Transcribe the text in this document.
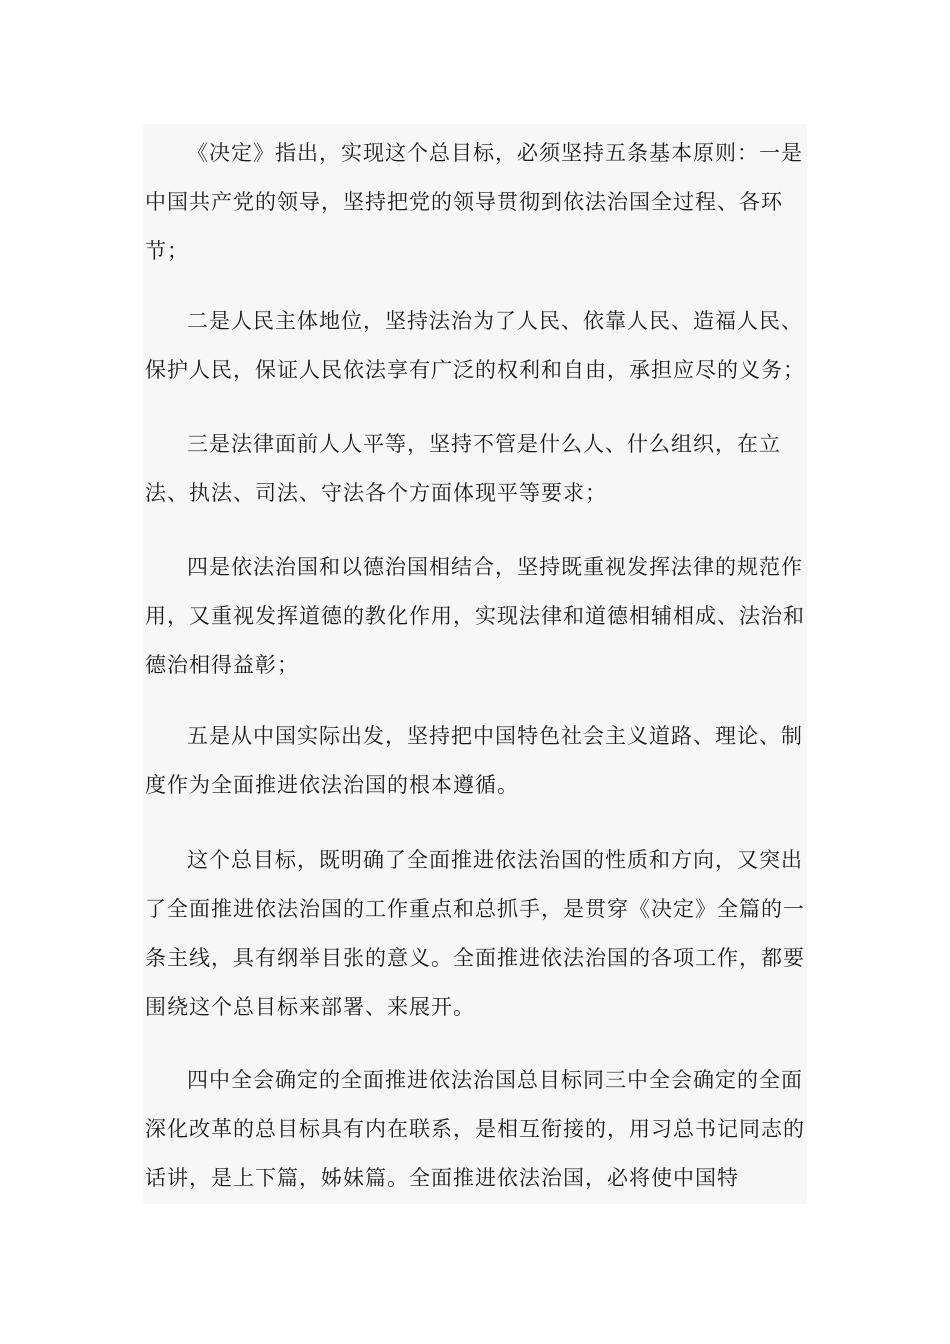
《决定》指出，实现这个总目标，必须坚持五条基本原则：一是中国共产党的领导，坚持把党的领导贯彻到依法治国全过程、各环节；

二是人民主体地位，坚持法治为了人民、依靠人民、造福人民、保护人民，保证人民依法享有广泛的权利和自由，承担应尽的义务；

三是法律面前人人平等，坚持不管是什么人、什么组织，在立法、执法、司法、守法各个方面体现平等要求；

四是依法治国和以德治国相结合，坚持既重视发挥法律的规范作用，又重视发挥道德的教化作用，实现法律和道德相辅相成、法治和德治相得益彰；

五是从中国实际出发，坚持把中国特色社会主义道路、理论、制度作为全面推进依法治国的根本遵循。

这个总目标，既明确了全面推进依法治国的性质和方向，又突出了全面推进依法治国的工作重点和总抓手，是贯穿《决定》全篇的一条主线，具有纲举目张的意义。全面推进依法治国的各项工作，都要围绕这个总目标来部署、来展开。

四中全会确定的全面推进依法治国总目标同三中全会确定的全面深化改革的总目标具有内在联系，是相互衔接的，用习总书记同志的话讲，是上下篇，姊妹篇。全面推进依法治国，必将使中国特
